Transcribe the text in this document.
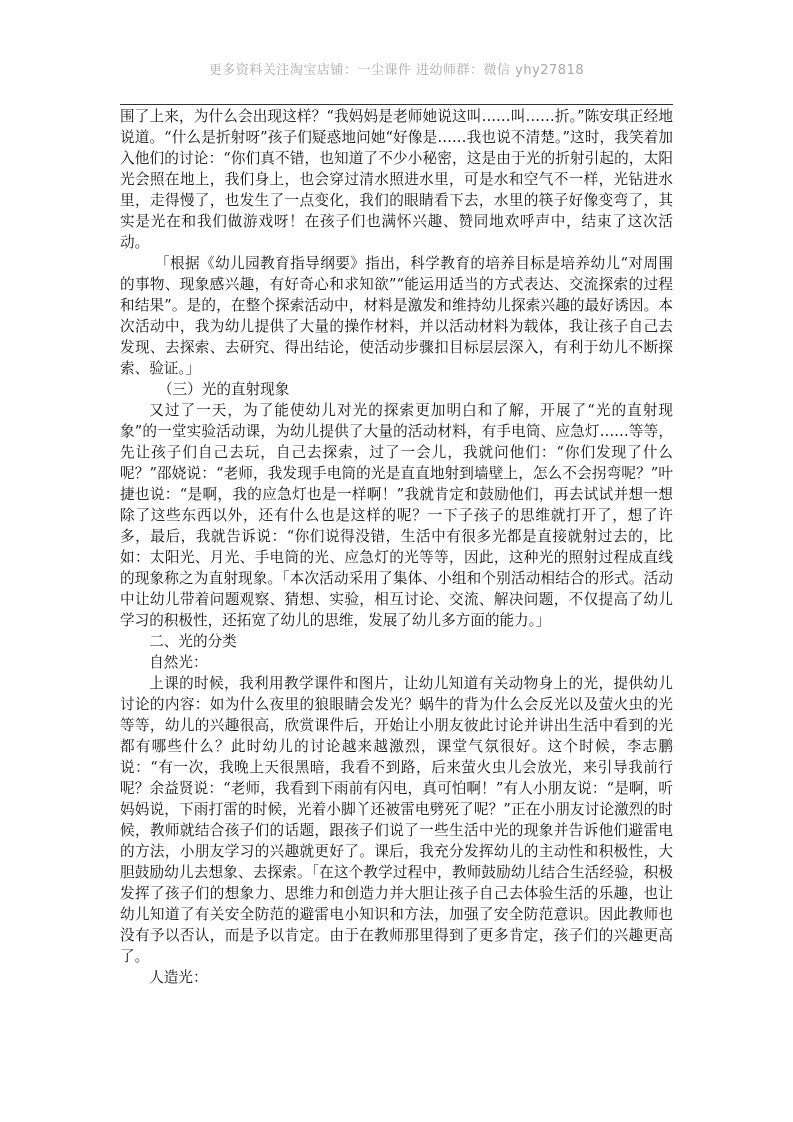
更多资料关注淘宝店铺：一尘课件 进幼师群：微信 yhy27818

围了上来，为什么会出现这样？“我妈妈是老师她说这叫……叫……折。”陈安琪正经地说道。“什么是折射呀”孩子们疑惑地问她“好像是……我也说不清楚。”这时，我笑着加入他们的讨论：“你们真不错，也知道了不少小秘密，这是由于光的折射引起的，太阳光会照在地上，我们身上，也会穿过清水照进水里，可是水和空气不一样，光钻进水里，走得慢了，也发生了一点变化，我们的眼睛看下去，水里的筷子好像变弯了，其实是光在和我们做游戏呀！在孩子们也满怀兴趣、赞同地欢呼声中，结束了这次活动。

「根据《幼儿园教育指导纲要》指出，科学教育的培养目标是培养幼儿“对周围的事物、现象感兴趣，有好奇心和求知欲”“能运用适当的方式表达、交流探索的过程和结果”。是的，在整个探索活动中，材料是激发和维持幼儿探索兴趣的最好诱因。本次活动中，我为幼儿提供了大量的操作材料，并以活动材料为载体，我让孩子自己去发现、去探索、去研究、得出结论，使活动步骤扣目标层层深入，有利于幼儿不断探索、验证。」

（三）光的直射现象

又过了一天，为了能使幼儿对光的探索更加明白和了解，开展了“光的直射现象”的一堂实验活动课，为幼儿提供了大量的活动材料，有手电筒、应急灯……等等，先让孩子们自己去玩，自己去探索，过了一会儿，我就问他们：“你们发现了什么呢？”邵娆说：“老师，我发现手电筒的光是直直地射到墙壁上，怎么不会拐弯呢？”叶捷也说：“是啊，我的应急灯也是一样啊！”我就肯定和鼓励他们，再去试试并想一想除了这些东西以外，还有什么也是这样的呢？一下子孩子的思维就打开了，想了许多，最后，我就告诉说：“你们说得没错，生活中有很多光都是直接就射过去的，比如：太阳光、月光、手电筒的光、应急灯的光等等，因此，这种光的照射过程成直线的现象称之为直射现象。「本次活动采用了集体、小组和个别活动相结合的形式。活动中让幼儿带着问题观察、猜想、实验，相互讨论、交流、解决问题，不仅提高了幼儿学习的积极性，还拓宽了幼儿的思维，发展了幼儿多方面的能力。」

二、光的分类

自然光：

上课的时候，我利用教学课件和图片，让幼儿知道有关动物身上的光，提供幼儿讨论的内容：如为什么夜里的狼眼睛会发光？蜗牛的背为什么会反光以及萤火虫的光等等，幼儿的兴趣很高，欣赏课件后，开始让小朋友彼此讨论并讲出生活中看到的光都有哪些什么？此时幼儿的讨论越来越激烈，课堂气氛很好。这个时候，李志鹏说：“有一次，我晚上天很黑暗，我看不到路，后来萤火虫儿会放光，来引导我前行呢？余益贤说：“老师，我看到下雨前有闪电，真可怕啊！”有人小朋友说：“是啊，听妈妈说，下雨打雷的时候，光着小脚丫还被雷电劈死了呢？”正在小朋友讨论激烈的时候，教师就结合孩子们的话题，跟孩子们说了一些生活中光的现象并告诉他们避雷电的方法，小朋友学习的兴趣就更好了。课后，我充分发挥幼儿的主动性和积极性，大胆鼓励幼儿去想象、去探索。「在这个教学过程中，教师鼓励幼儿结合生活经验，积极发挥了孩子们的想象力、思维力和创造力并大胆让孩子自己去体验生活的乐趣，也让幼儿知道了有关安全防范的避雷电小知识和方法，加强了安全防范意识。因此教师也没有予以否认，而是予以肯定。由于在教师那里得到了更多肯定，孩子们的兴趣更高了。

人造光：
